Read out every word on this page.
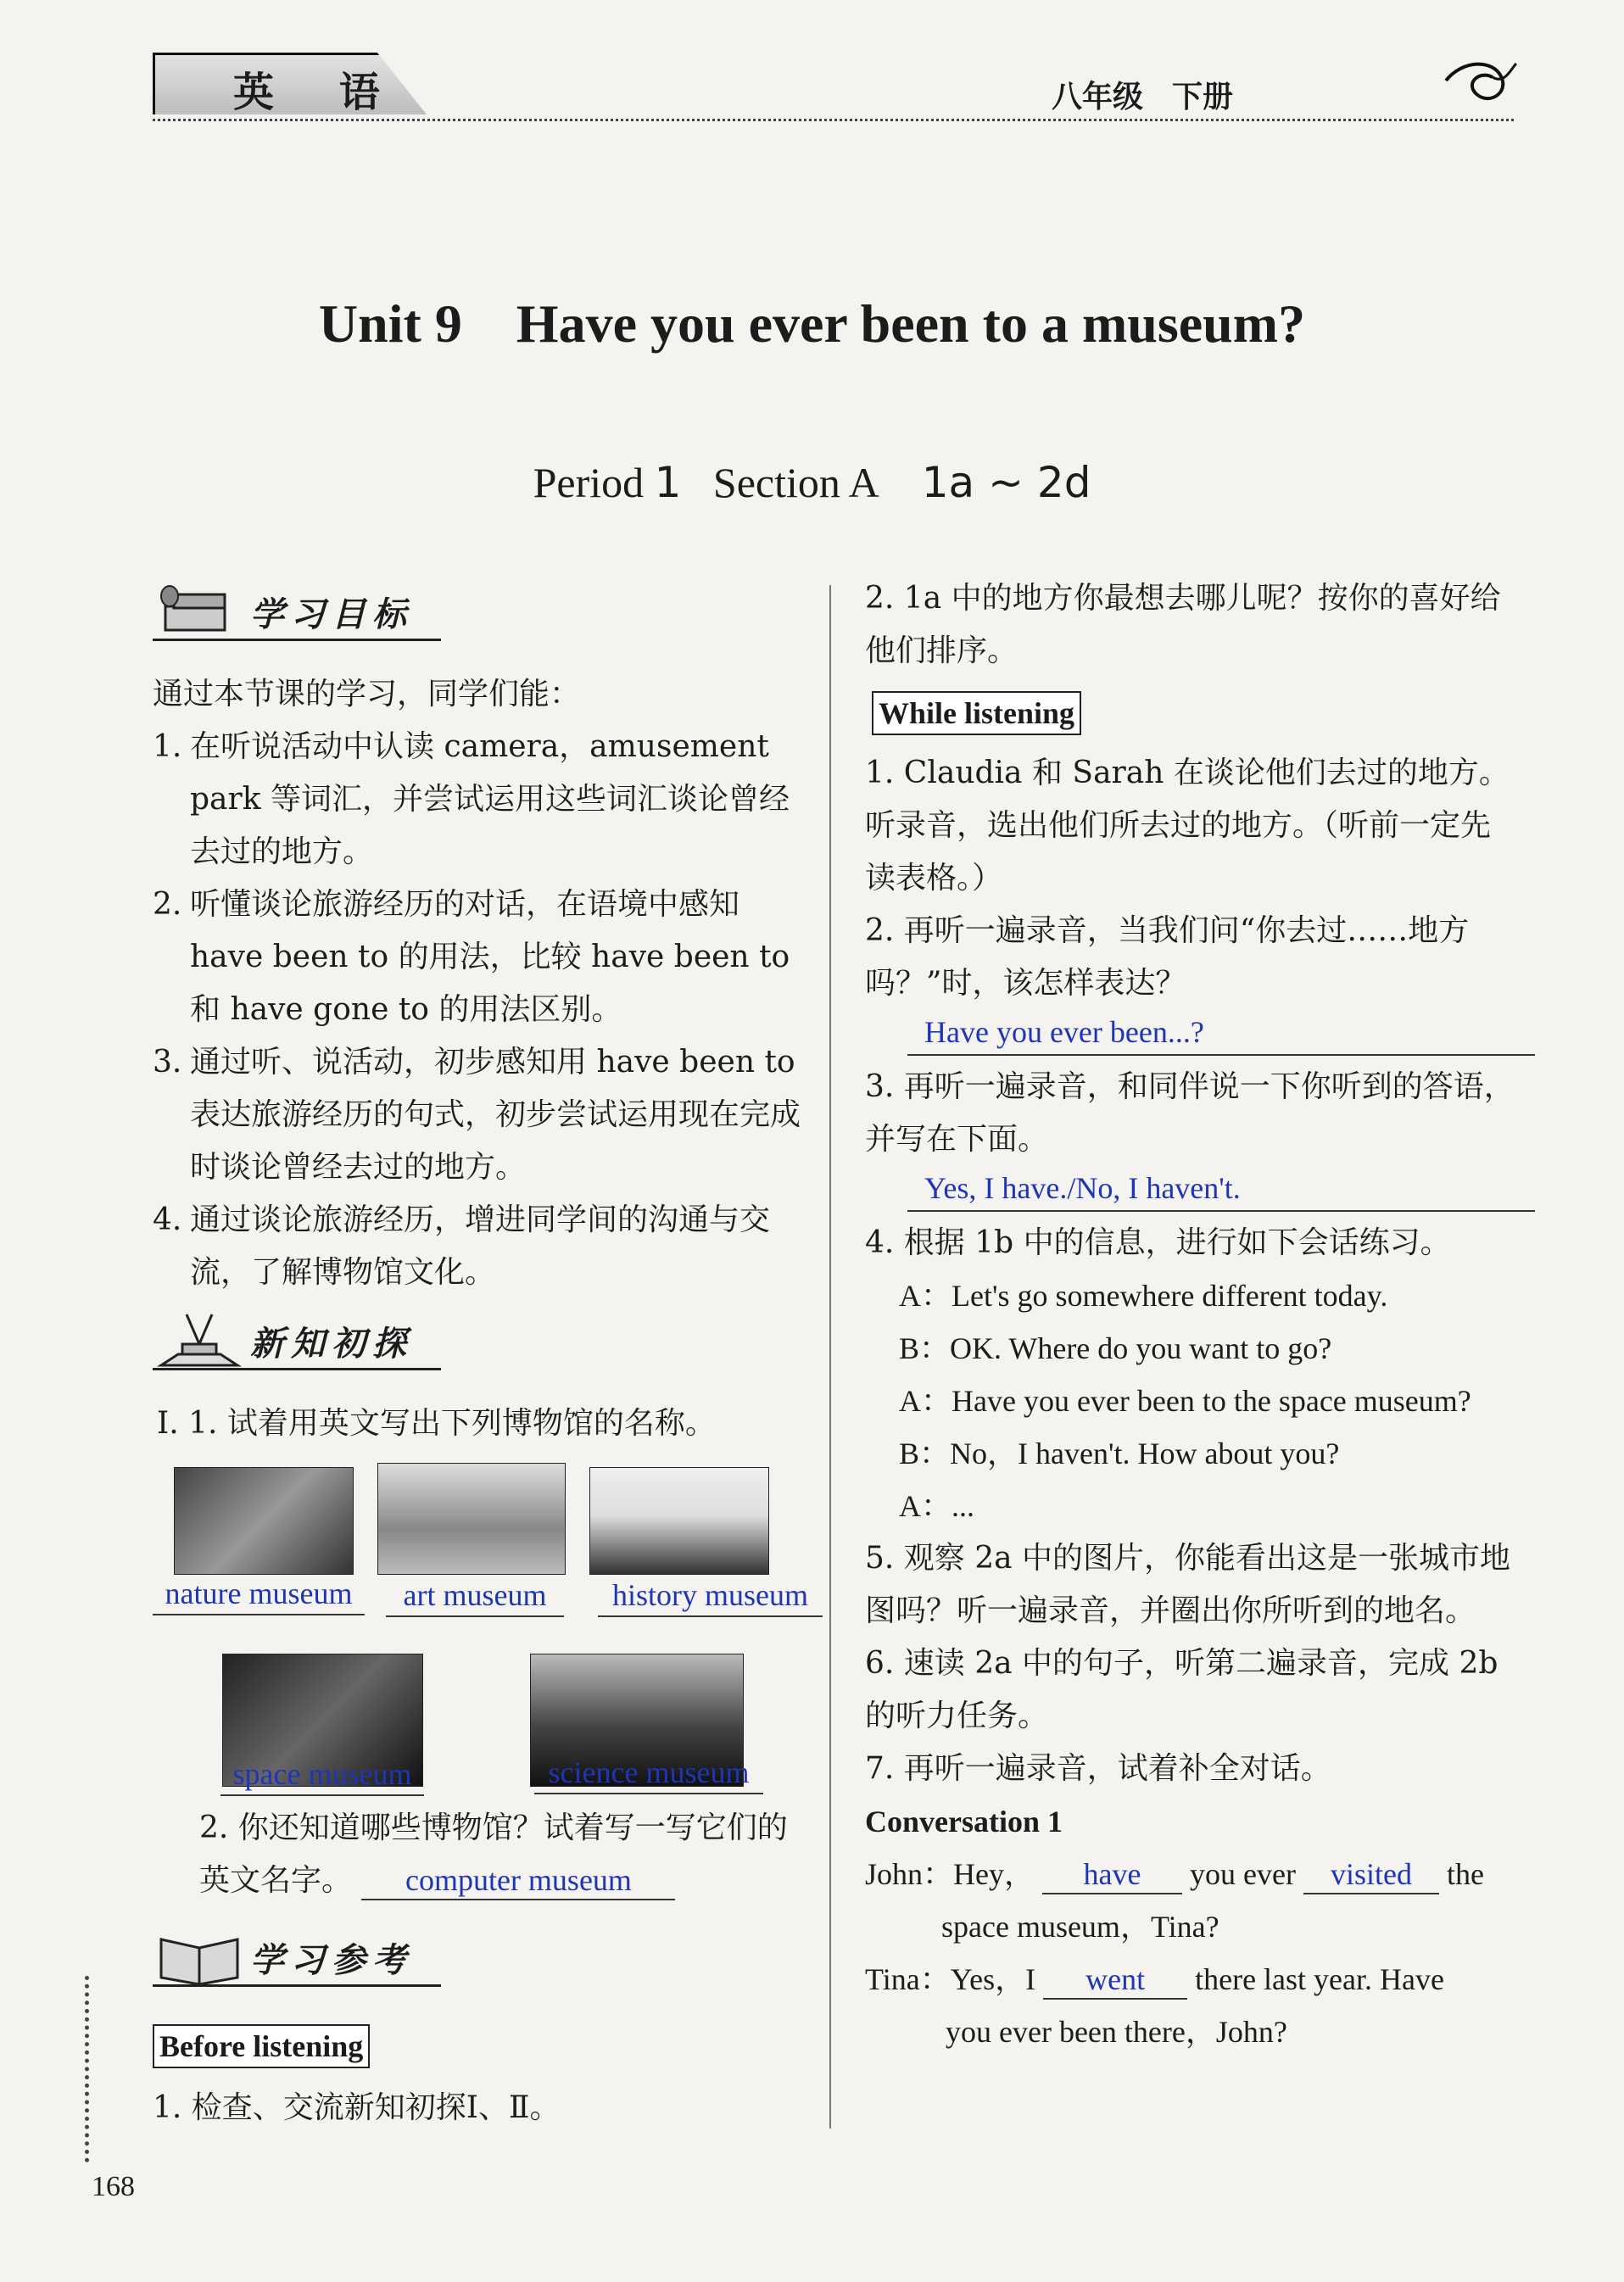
英 语	八年级 下册
Unit 9　Have you ever been to a museum?
Period 1 Section A 1a ~ 2d
学习目标
通过本节课的学习，同学们能：
1. 在听说活动中认读 camera，amusement park 等词汇，并尝试运用这些词汇谈论曾经去过的地方。
2. 听懂谈论旅游经历的对话，在语境中感知 have been to 的用法，比较 have been to 和 have gone to 的用法区别。
3. 通过听、说活动，初步感知用 have been to 表达旅游经历的句式，初步尝试运用现在完成时谈论曾经去过的地方。
4. 通过谈论旅游经历，增进同学间的沟通与交流，了解博物馆文化。
新知初探
Ⅰ. 1. 试着用英文写出下列博物馆的名称。
nature museum	art museum	history museum
space museum	science museum
2. 你还知道哪些博物馆？试着写一写它们的英文名字。 computer museum
学习参考
Before listening
1. 检查、交流新知初探Ⅰ、Ⅱ。
168
2. 1a 中的地方你最想去哪儿呢？按你的喜好给他们排序。
While listening
1. Claudia 和 Sarah 在谈论他们去过的地方。听录音，选出他们所去过的地方。（听前一定先读表格。）
2. 再听一遍录音，当我们问“你去过……地方吗？”时，该怎样表达？
Have you ever been...?
3. 再听一遍录音，和同伴说一下你听到的答语，并写在下面。
Yes, I have./No, I haven't.
4. 根据 1b 中的信息，进行如下会话练习。
A：Let's go somewhere different today.
B：OK. Where do you want to go?
A：Have you ever been to the space museum?
B：No，I haven't. How about you?
A：...
5. 观察 2a 中的图片，你能看出这是一张城市地图吗？听一遍录音，并圈出你所听到的地名。
6. 速读 2a 中的句子，听第二遍录音，完成 2b 的听力任务。
7. 再听一遍录音，试着补全对话。
Conversation 1
John：Hey， have you ever visited the
space museum，Tina?
Tina：Yes，I went there last year. Have
you ever been there，John?
